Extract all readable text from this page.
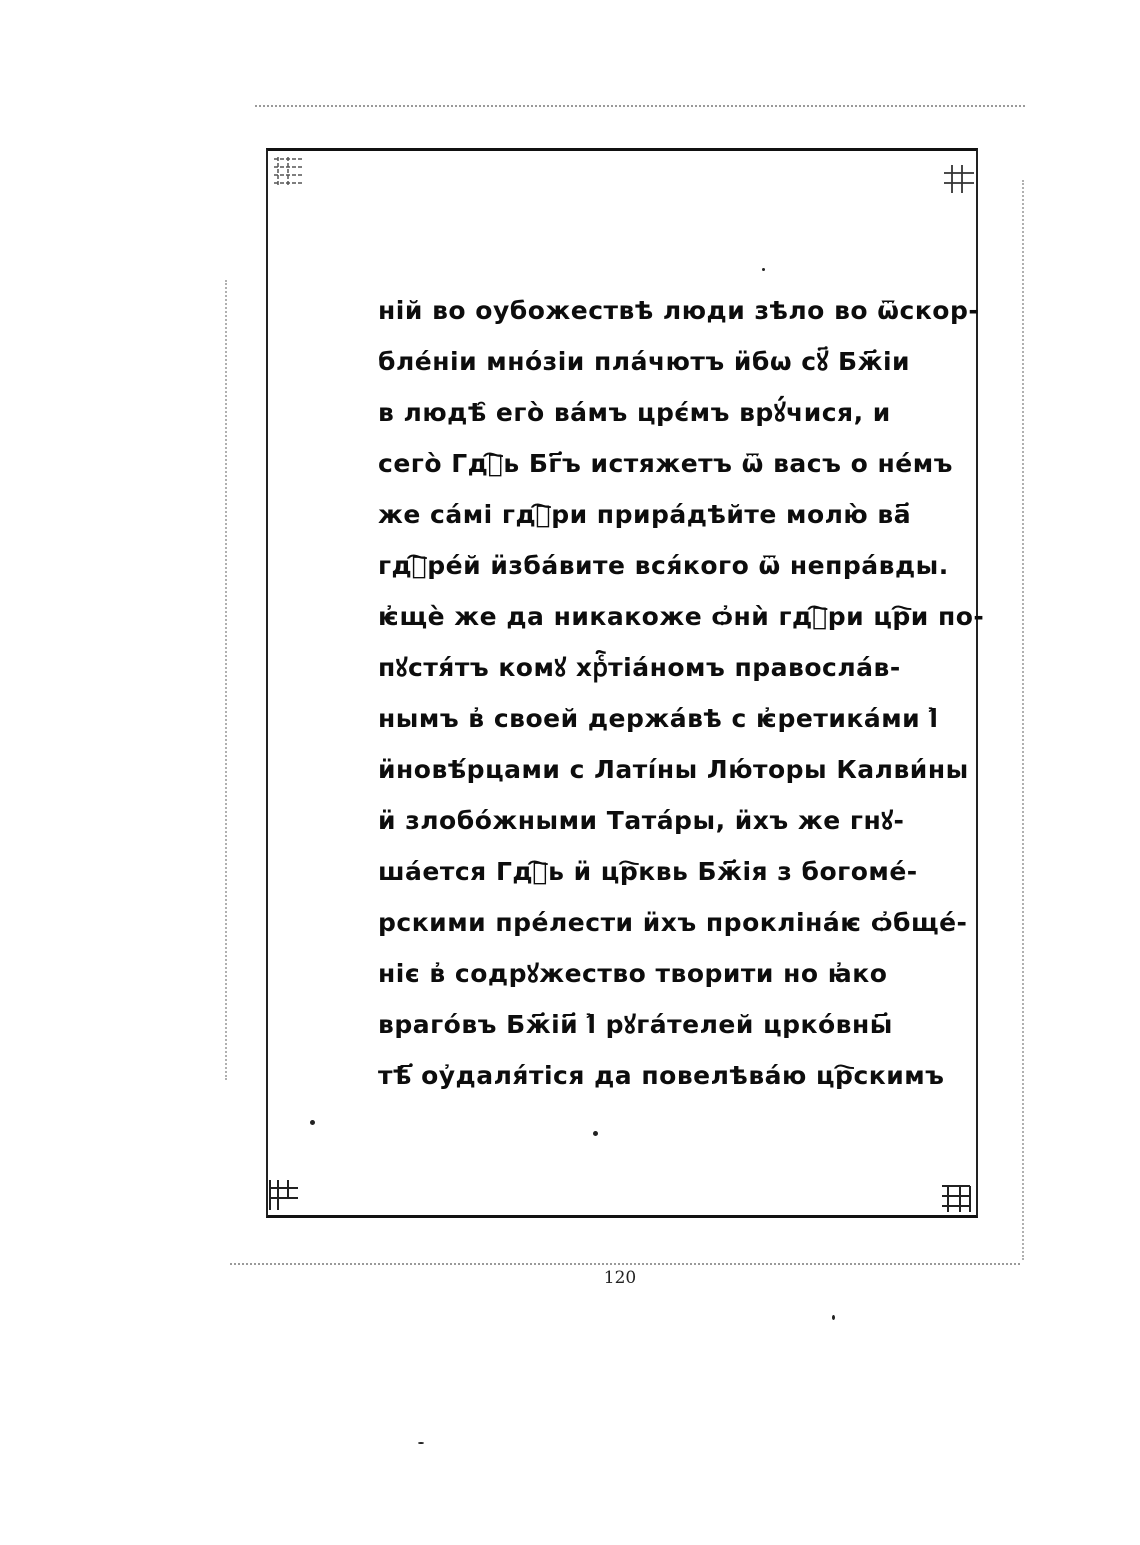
ній во оубожествѣ люди зѣло во ѿскор-
бле́ніи мно́зіи пла́чютъ ӥбѡ сꙋ҃ Бж҃іи
в людѣ̑ его̀ ва́мъ црє́мъ врꙋ́чися, и
сего̀ Гдⷭ҇ь Бг҃ъ истяжетъ ѿ васъ о не́мъ
же са́мі гдⷭ҇ри прира́дѣйте молю̀ ва҃
гдⷭ҇ре́й ӥзба́вите вся́кого ѿ непра́вды.
ѥ҆щѐ же да никакоже ѻ҆нѝ гдⷭ҇ри цр҇и по-
пꙋстя́тъ комꙋ хрⷭ҇тіа́номъ правосла́в-
нымъ в҆ своей держа́вѣ с ѥ҆ретика́ми ӏ҆
ӥновѣ́рцами с Латі́ны Лю́торы Калви́ны
ӥ злобо́жными Тата́ры, ӥхъ же гнꙋ-
ша́ется Гдⷭ҇ь ӥ цр҇квь Бж҃ія з богоме́-
рскими пре́лести ӥхъ прокліна́ѥ ѻ҆бще́-
ніє в҆ содрꙋжество творити но ꙗ҆ко
враго́въ Бж҃іи҃ ӏ҆ рꙋга́телей црко́вны҃
тѣ҃ оу҆даля́тіся да повелѣва́ю цр҇скимъ
120
